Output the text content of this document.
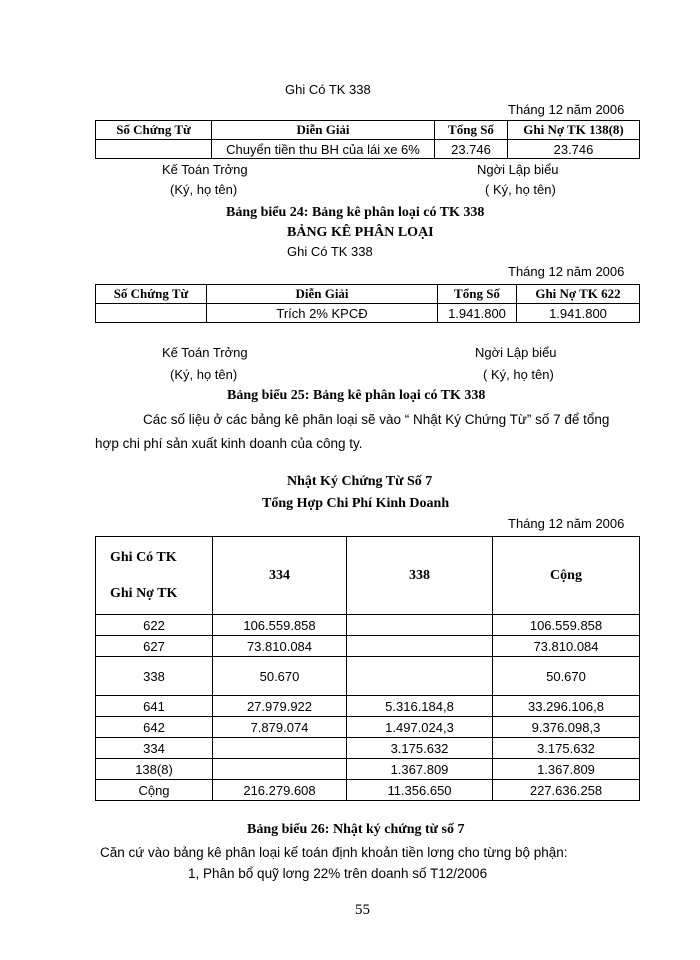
Ghi Có TK 338
Tháng 12 năm 2006
Số Chứng Từ	Diễn Giải	Tổng Số	Ghi Nợ TK 138(8)
	Chuyển tiền thu BH của lái xe 6%	23.746	23.746
Kế Toán Trởng	Ngời Lập biểu
(Ký, họ tên)	( Ký, họ tên)
Bảng biểu 24: Bảng kê phân loại có TK 338
BẢNG KÊ PHÂN LOẠI
Ghi Có TK 338
Tháng 12 năm 2006
Số Chứng Từ	Diễn Giải	Tổng Số	Ghi Nợ TK 622
	Trích 2% KPCĐ	1.941.800	1.941.800
Kế Toán Trởng	Ngời Lập biểu
(Ký, họ tên)	( Ký, họ tên)
Bảng biểu 25: Bảng kê phân loại có TK 338
Các số liệu ở các bảng kê phân loại sẽ vào “ Nhật Ký Chứng Từ” số 7 để tổng
hợp chi phí sản xuất kinh doanh của công ty.
Nhật Ký Chứng Từ Số 7
Tổng Hợp Chi Phí Kinh Doanh
Tháng 12 năm 2006
Ghi Có TK
Ghi Nợ TK	334	338	Cộng
622	106.559.858		106.559.858
627	73.810.084		73.810.084
338	50.670		50.670
641	27.979.922	5.316.184,8	33.296.106,8
642	7.879.074	1.497.024,3	9.376.098,3
334		3.175.632	3.175.632
138(8)		1.367.809	1.367.809
Cộng	216.279.608	11.356.650	227.636.258
Bảng biểu 26: Nhật ký chứng từ số 7
Căn cứ vào bảng kê phân loại kế toán định khoản tiền lơng cho từng bộ phận:
1, Phân bổ quỹ lơng 22% trên doanh số T12/2006
55
